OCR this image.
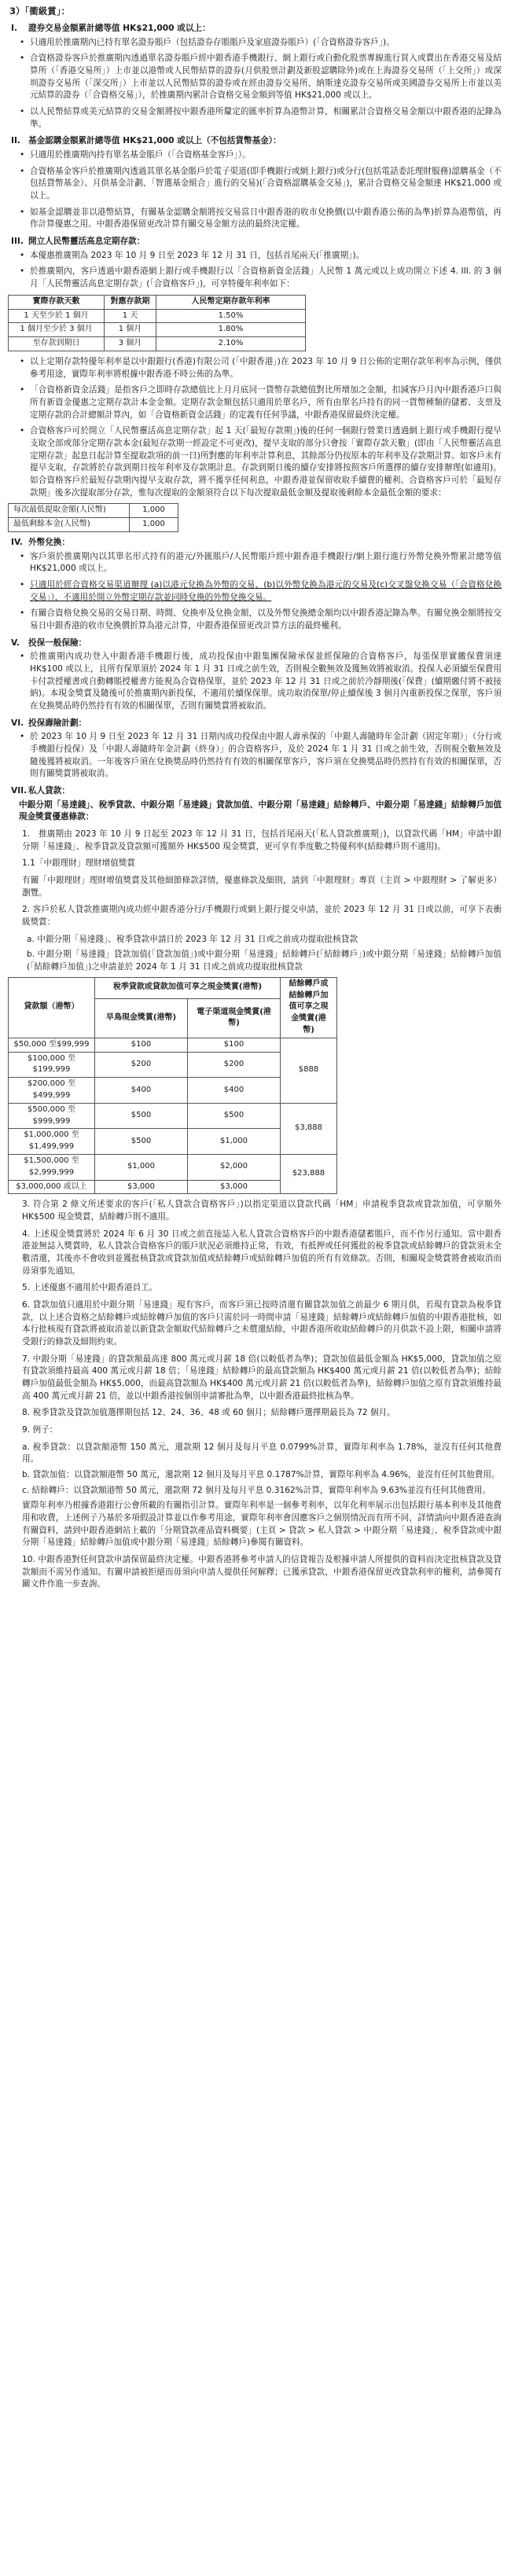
3）「衝級賞」：
I. 證券交易金額累計總等值 HK$21,000 或以上：
• 只適用於推廣期內已持有單名證券賬戶（包括證券存賬賬戶及家庭證券賬戶）(「合資格證券客戶」)。
• 合資格證券客戶於推廣期內透過單名證券賬戶經中銀香港手機銀行、網上銀行或自動化股票專線進行買入或賣出在香港交易及結算所（「香港交易所」）上市並以港幣或人民幣結算的證券(月供股票計劃及新股認購除外)或在上海證券交易所（「上交所」）或深圳證券交易所（「深交所」）上市並以人民幣結算的證券或在經由證券交易所、納斯達克證券交易所或美國證券交易所上市並以美元結算的證券（「合資格交易」），於推廣期內累計合資格交易金額到等值 HK$21,000 或以上。
• 以人民幣結算或美元結算的交易金額將按中銀香港所釐定的匯率折算為港幣計算，相關累計合資格交易金額以中銀香港的記錄為準。
II. 基金認購金額累計總等值 HK$21,000 或以上（不包括貨幣基金）：
• 只適用於推廣期內持有單名基金賬戶（「合資格基金客戶」）。
• 合資格基金客戶於推廣期內透過其單名基金賬戶於電子渠道(即手機銀行或網上銀行)或分行(包括電話委託理財服務)認購基金（不包括貨幣基金）、月供基金計劃、「智選基金組合」進行的交易)(「合資格認購基金交易」)，累計合資格交易金額達 HK$21,000 或以上。
• 如基金認購並非以港幣結算，有關基金認購金額將按交易當日中銀香港的收市兌換價(以中銀香港公佈的為準)折算為港幣值，再作計算優惠之用。中銀香港保留更改計算有關交易金額方法的最終決定權。
III. 開立人民幣靈活高息定期存款：
• 本優惠推廣期為 2023 年 10 月 9 日至 2023 年 12 月 31 日，包括首尾兩天(「推廣期」)。
• 於推廣期內，客戶透過中銀香港網上銀行或手機銀行以「合資格新資金活錢」人民幣 1 萬元或以上成功開立下述 4. III. 的 3 個月「人民幣靈活高息定期存款」(「合資格客戶」)，可享特優年利率如下：
實際存款天數	對應存款期	人民幣定期存款年利率
1 天至少於 1 個月	1 天	1.50%
1 個月至少於 3 個月	1 個月	1.80%
至存款到期日	3 個月	2.10%
• 以上定期存款特優年利率是以中銀銀行(香港)有限公司 (「中銀香港」)在 2023 年 10 月 9 日公佈的定期存款年利率為示例，僅供參考用途，實際年利率將根據中銀香港不時公佈的為準。
• 「合資格新資金活錢」是指客戶之即時存款總值比上月月底同一貨幣存款總值對比所增加之金額，扣減客戶月內中銀香港戶口與所有新資金優惠之定期存款計本金金額。定期存款金額包括只適用於單名戶，所有由單名戶持有的同一貨幣種類的儲蓄、支票及定期存款的合計總額計算內，如「合資格新資金活錢」的定義有任何爭議，中銀香港保留最終決定權。
• 合資格客戶可於開立「人民幣靈活高息定期存款」起 1 天(「最短存款期」)後的任何一個銀行營業日透過網上銀行或手機銀行提早支取全部或部分定期存款本金(最短存款期一經設定不可更改)，提早支取的部分只會按「實際存款天數」(即由「人民幣靈活高息定期存款」起息日起計算至提取款項的前一日)所對應的年利率計算利息，其餘部分仍按原本的年利率及存款期計算。如客戶未有提早支取，存款將於存款到期日按年利率及存款期計息。存款到期日後的續存安排將按照客戶所選擇的續存安排辦理(如適用)。如合資格客戶於最短存款期內提早支取存款，將不獲享任何利息，中銀香港並保留收取手續費的權利。合資格客戶可於「最短存款期」後多次提取部分存款，惟每次提取的金額須符合以下每次提取最低金額及提取後剩餘本金最低金額的要求：
每次最低提取金額(人民幣)	1,000
最低剩餘本金(人民幣)	1,000
IV. 外幣兌換：
• 客戶須於推廣期內以其單名形式持有的港元/外匯賬戶/人民幣賬戶經中銀香港手機銀行/網上銀行進行外幣兌換外幣累計總等值 HK$21,000 或以上。
• 只適用於經合資格交易渠道辦理 (a)以港元兌換為外幣的交易、(b)以外幣兌換為港元的交易及(c)交叉盤兌換交易（「合資格兌換交易」），不適用於開立外幣定期存款並同時兌換的外幣兌換交易。
• 有關合資格兌換交易的交易日期、時間、兌換率及兌換金額，以及外幣兌換總金額均以中銀香港記錄為準。有關兌換金額將按交易日中銀香港的收市兌換價折算為港元計算，中銀香港保留更改計算方法的最終權利。
V. 投保一般保險：
• 於推廣期內成功登入中銀香港手機銀行後，成功投保由中銀集團保險承保並經保險的合資格客戶，每張保單實繳保費須達 HK$100 或以上，且所有保單須於 2024 年 1 月 31 日或之前生效，否則視全數無效及獲無效將被取消。投保人必須續至保費用卡付款授權書或自動轉賬授權書方能視為合資格保單，並於 2023 年 12 月 31 日或之前於冷靜期後(「保費」(續期繳付將不被接納)。本現金獎賞及隨後可於推廣期內新投保，不適用於續保保單。成功取消保單/停止續保後 3 個月內重新投保之保單，客戶須在兌換獎品時仍然持有有效的相關保單，否則有關獎賞將被取消。
VI. 投保壽險計劃：
• 於 2023 年 10 月 9 日至 2023 年 12 月 31 日期內成功投保由中銀人壽承保的「中銀人壽隨時年金計劃（固定年期）」（分行或手機銀行投保）及「中銀人壽隨時年金計劃（終身）」的合資格客戶，及於 2024 年 1 月 31 日或之前生效，否則視全數無效及隨後獲將被取消。一年後客戶須在兌換獎品時仍然持有有效的相關保單客戶，客戶須在兌換獎品時仍然持有有效的相關保單，否則有關獎賞將被取消。
VII. 私人貸款：
中銀分期「易達錢」、稅季貸款、中銀分期「易達錢」貸款加值、中銀分期「易達錢」結餘轉戶、中銀分期「易達錢」結餘轉戶加值現金獎賞優惠條款：
1.　推廣期由 2023 年 10 月 9 日起至 2023 年 12 月 31 日，包括首尾兩天(「私人貸款推廣期」)，以貸款代碼「HM」申請中銀分期「易達錢」、稅季貸款及貸款額可獲額外 HK$500 現金獎賞，更可享有季度數之特優利率(結餘轉戶則不適用)。
1.1「中銀理財」理財增值獎賞
有關「中銀理財」理財增值獎賞及其他細節條款詳情，優惠條款及細則，請到「中銀理財」專頁（主頁 > 中銀理財 > 了解更多）瀏覽。
2. 客戶於私人貸款推廣期內成功經中銀香港分行/手機銀行或網上銀行提交申請，並於 2023 年 12 月 31 日或以前，可享下表衝級獎賞：
a. 中銀分期「易達錢」、稅季貸款申請日於 2023 年 12 月 31 日或之前成功提取批核貸款
b. 中銀分期「易達錢」貸款加值(「貸款加值」)或中銀分期「易達錢」結餘轉戶(「結餘轉戶」)或中銀分期「易達錢」結餘轉戶加值(「結餘轉戶加值」)之申請並於 2024 年 1 月 31 日或之前成功提取批核貸款
貸款額（港幣）	稅季貸款或貸款加值可享之現金獎賞(港幣)		結餘轉戶或結餘轉戶加值可享之現金獎賞(港幣)
	早鳥現金獎賞(港幣)	電子渠道現金獎賞(港幣)	
$50,000 至$99,999	$100	$100	$888
$100,000 至$199,999	$200	$200	
$200,000 至$499,999	$400	$400	
$500,000 至$999,999	$500	$500	$3,888
$1,000,000 至 $1,499,999	$500	$1,000	
$1,500,000 至 $2,999,999	$1,000	$2,000	$23,888
$3,000,000 或以上	$3,000	$3,000	
3. 符合第 2 條文所述要求的客戶(「私人貸款合資格客戶」)以指定渠道以貸款代碼「HM」申請稅季貸款或貸款加值，可享額外 HK$500 現金獎賞，結餘轉戶則不適用。
4. 上述現金獎賞將於 2024 年 6 月 30 日或之前直接誌入私人貸款合資格客戶的中銀香港儲蓄賬戶，而不作另行通知。當中銀香港並無誌入獎賞時，私人貸款合資格客戶的賬戶狀況必須維持正常，有效，有抵押或任何獲批的稅季貸款或結餘轉戶的貸款須未全數清還，其後亦不會收到並獲批核貸款或貸款加值或結餘轉戶或結餘轉戶加值的所有有效條款。否則，相關現金獎賞將會被取消而毋須事先通知。
5. 上述優惠不適用於中銀香港員工。
6. 貸款加值只適用於中銀分期「易達錢」現有客戶，而客戶須已按時清還有關貸款加值之前最少 6 期月供，若現有貸款為稅季貸款，以上述合資格之結餘轉戶或結餘轉戶加值的客戶只需於同一時間申請「易達錢」結餘轉戶或結餘轉戶加值的中銀香港批核，如本行批核現有貸款將被取消並以新貸款金額取代結餘轉戶之未償還結餘，中銀香港所收取結餘轉戶的月供款不設上限，相關申請將受銀行的條款及細則約束。
7. 中銀分期「易達錢」的貸款額最高達 800 萬元或月薪 18 倍(以較低者為準)；貸款加值最低金額為 HK$5,000，貸款加值之原有貸款須維持最高 400 萬元或月薪 18 倍；「易達錢」結餘轉戶的最高貸款額為 HK$400 萬元或月薪 21 倍(以較低者為準)；結餘轉戶加值最低金額為 HK$5,000，而最高貸款額為 HK$400 萬元或月薪 21 倍(以較低者為準)，結餘轉戶加值之原有貸款須維持最高 400 萬元或月薪 21 倍，並以中銀香港按個別申請審批為準，以中銀香港最終批核為準。
8. 稅季貸款及貸款加值選擇期包括 12、24、36、48 或 60 個月；結餘轉戶選擇期最長為 72 個月。
9. 例子：
a. 稅季貸款：以貸款額港幣 150 萬元，還款期 12 個月及每月平息 0.0799%計算，實際年利率為 1.78%，並沒有任何其他費用。
b. 貸款加值：以貸款額港幣 50 萬元，還款期 12 個月及每月平息 0.1787%計算，實際年利率為 4.96%，並沒有任何其他費用。
c. 結餘轉戶：以貸款額港幣 50 萬元，還款期 72 個月及每月平息 0.3162%計算，實際年利率為 9.63%並沒有任何其他費用。
實際年利率乃根據香港銀行公會所載的有關指引計算。實際年利率是一個參考利率，以年化利率展示出包括銀行基本利率及其他費用和收費，上述例子乃基於多項假設計算並以作參考用途，實際年利率會因應客戶之個別情況而有所不同，詳情請向中銀香港查詢有關資料，請到中銀香港網站上載的「分期貸款產品資料概要」(主頁 > 貸款 > 私人貸款 > 中銀分期「易達錢」、稅季貸款或中銀分期「易達錢」結餘轉戶加值或中銀分期「易達錢」結餘轉戶)參閱有關資料。
10. 中銀香港對任何貸款申請保留最終決定權。中銀香港將參考申請人的信貸報告及根據申請人所提供的資料而決定批核貸款及貸款額而不需另作通知。有關申請被拒絕而毋須向申請人提供任何解釋；已獲承貸款，中銀香港保留更改貸款利率的權利，請參閱有關文件作進一步查詢。
